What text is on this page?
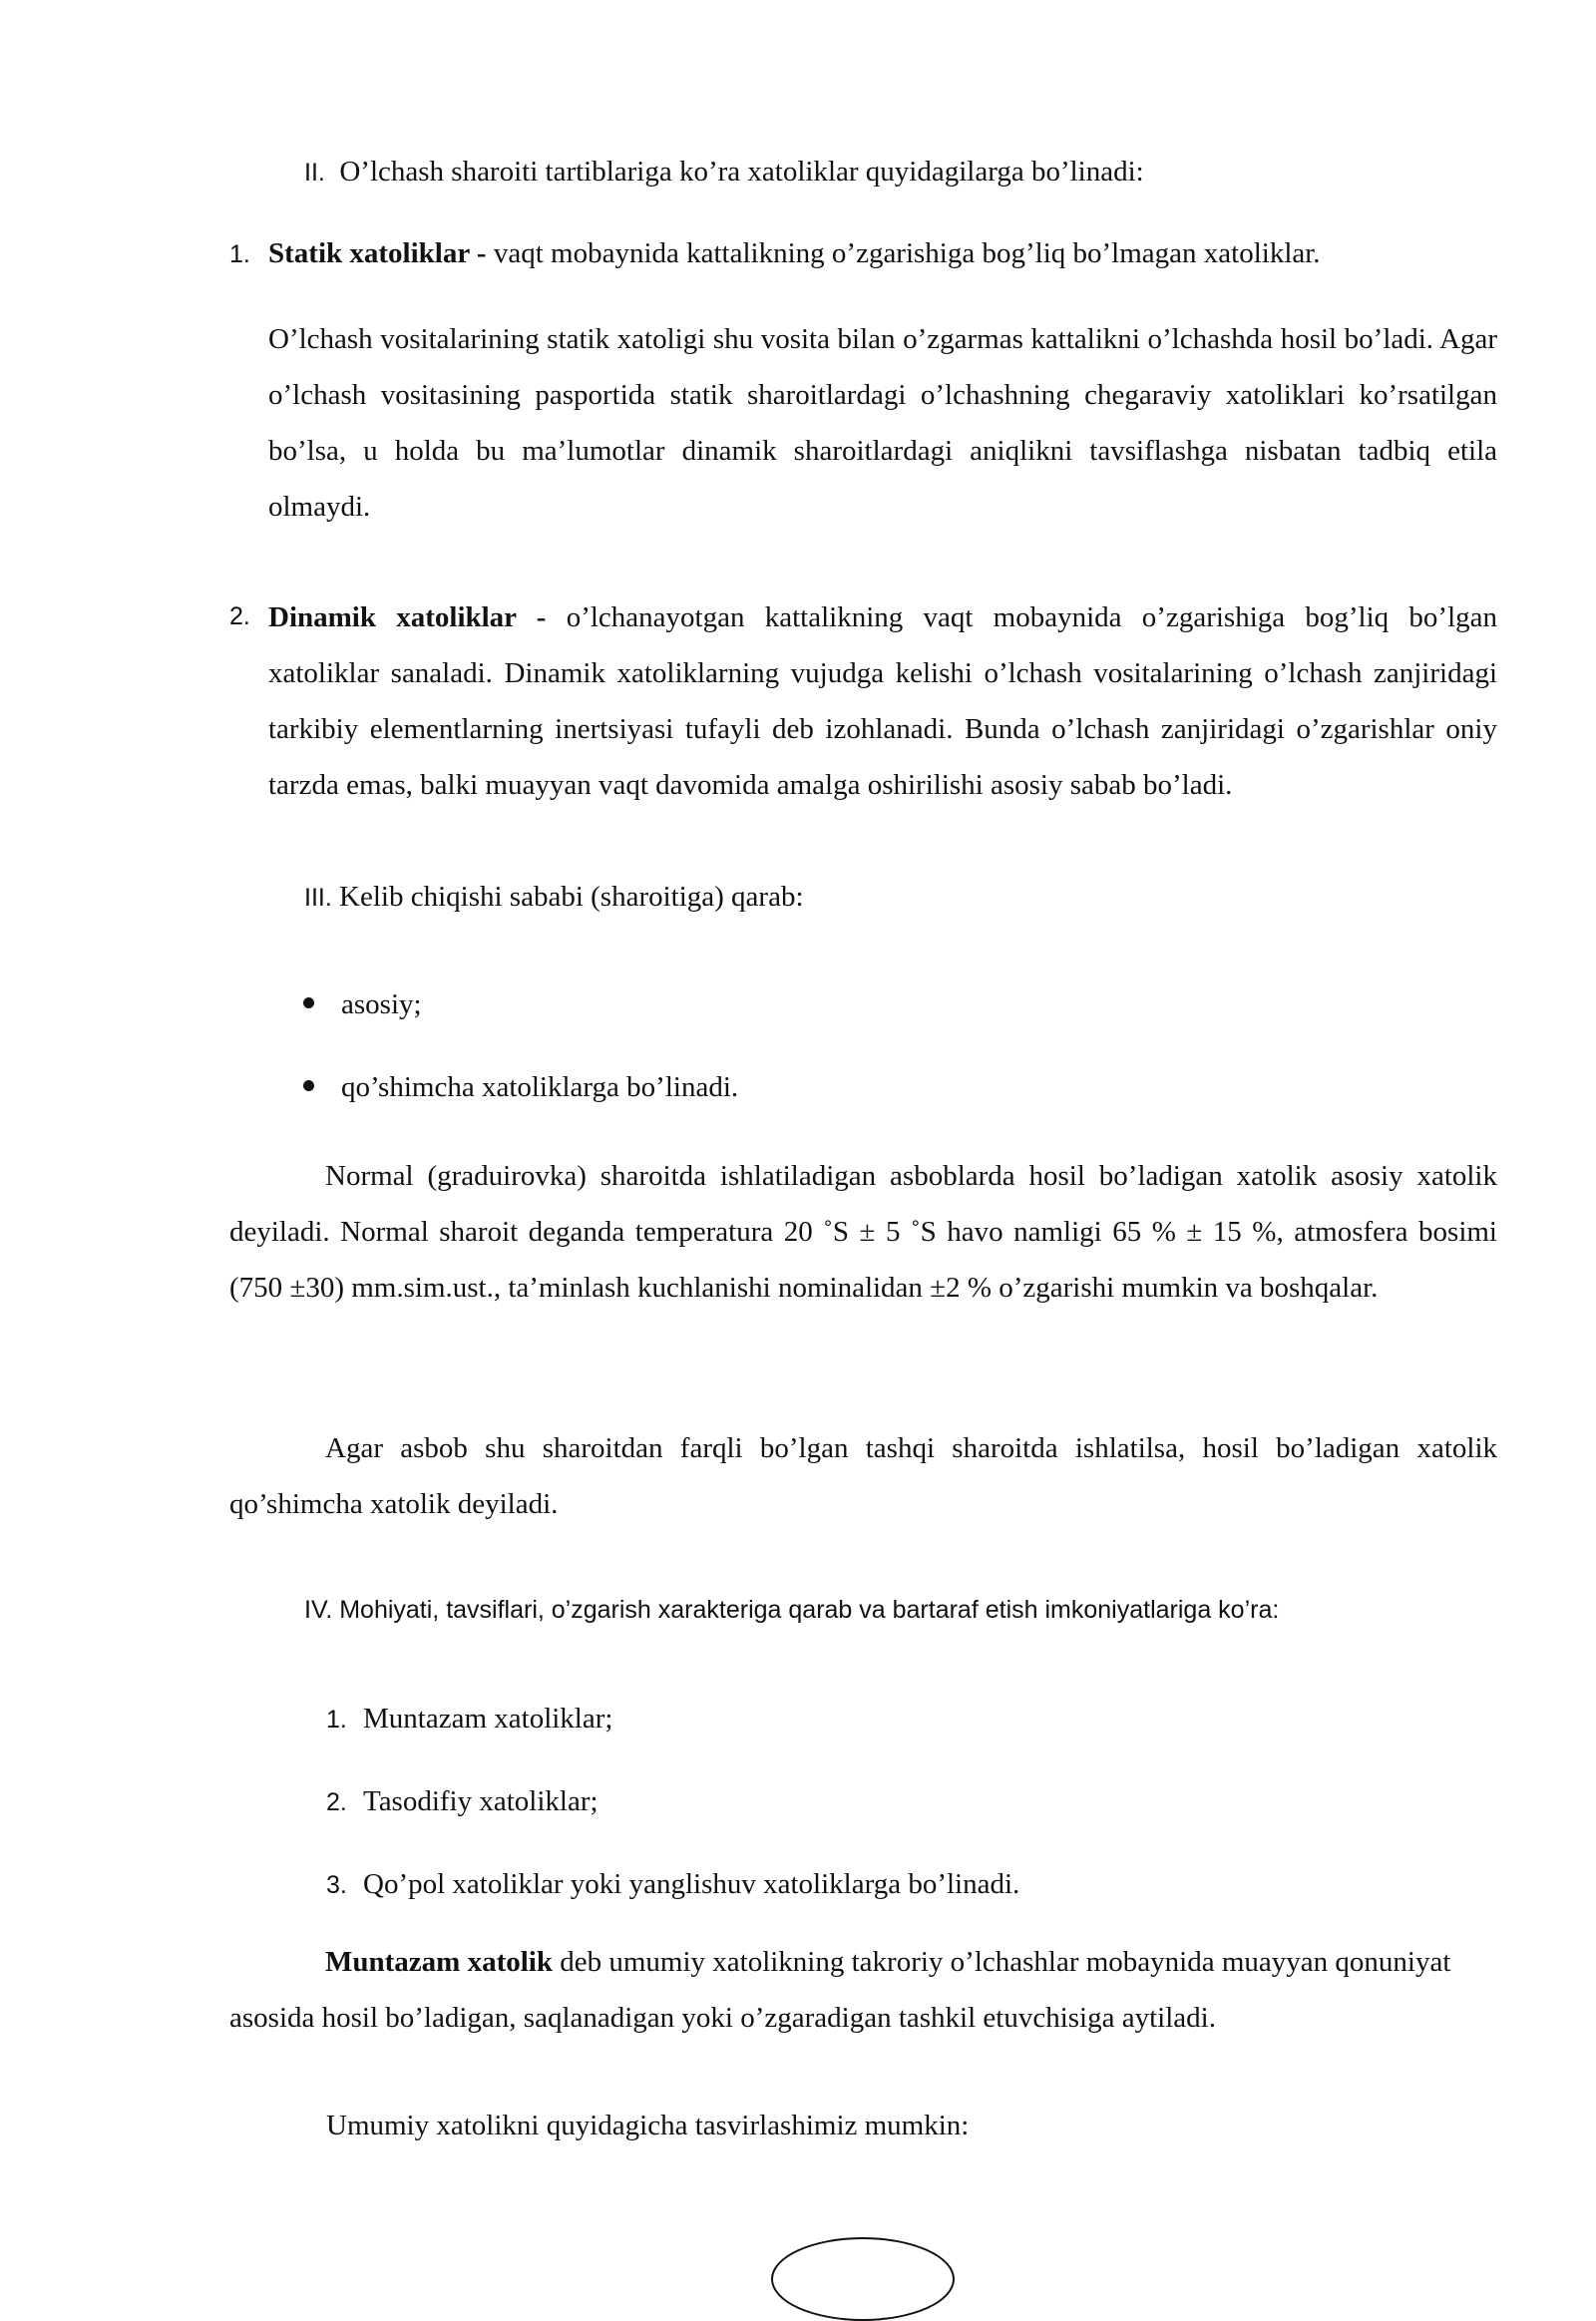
II. O’lchash sharoiti tartiblariga ko’ra xatoliklar quyidagilarga bo’linadi:
1. Statik xatoliklar - vaqt mobaynida kattalikning o’zgarishiga bog’liq bo’lmagan xatoliklar.
O’lchash vositalarining statik xatoligi shu vosita bilan o’zgarmas kattalikni o’lchashda hosil bo’ladi. Agar o’lchash vositasining pasportida statik sharoitlardagi o’lchashning chegaraviy xatoliklari ko’rsatilgan bo’lsa, u holda bu ma’lumotlar dinamik sharoitlardagi aniqlikni tavsiflashga nisbatan tadbiq etila olmaydi.
2. Dinamik xatoliklar - o’lchanayotgan kattalikning vaqt mobaynida o’zgarishiga bog’liq bo’lgan xatoliklar sanaladi. Dinamik xatoliklarning vujudga kelishi o’lchash vositalarining o’lchash zanjiridagi tarkibiy elementlarning inertsiyasi tufayli deb izohlanadi. Bunda o’lchash zanjiridagi o’zgarishlar oniy tarzda emas, balki muayyan vaqt davomida amalga oshirilishi asosiy sabab bo’ladi.
III. Kelib chiqishi sababi (sharoitiga) qarab:
asosiy;
qo’shimcha xatoliklarga bo’linadi.
Normal (graduirovka) sharoitda ishlatiladigan asboblarda hosil bo’ladigan xatolik asosiy xatolik deyiladi. Normal sharoit deganda temperatura 20 ˚S ± 5 ˚S havo namligi 65 % ± 15 %, atmosfera bosimi (750 ±30) mm.sim.ust., ta’minlash kuchlanishi nominalidan ±2 % o’zgarishi mumkin va boshqalar.
Agar asbob shu sharoitdan farqli bo’lgan tashqi sharoitda ishlatilsa, hosil bo’ladigan xatolik qo’shimcha xatolik deyiladi.
IV. Mohiyati, tavsiflari, o’zgarish xarakteriga qarab va bartaraf etish imkoniyatlariga ko’ra:
1. Muntazam xatoliklar;
2. Tasodifiy xatoliklar;
3. Qo’pol xatoliklar yoki yanglishuv xatoliklarga bo’linadi.
Muntazam xatolik deb umumiy xatolikning takroriy o’lchashlar mobaynida muayyan qonuniyat asosida hosil bo’ladigan, saqlanadigan yoki o’zgaradigan tashkil etuvchisiga aytiladi.
Umumiy xatolikni quyidagicha tasvirlashimiz mumkin:
